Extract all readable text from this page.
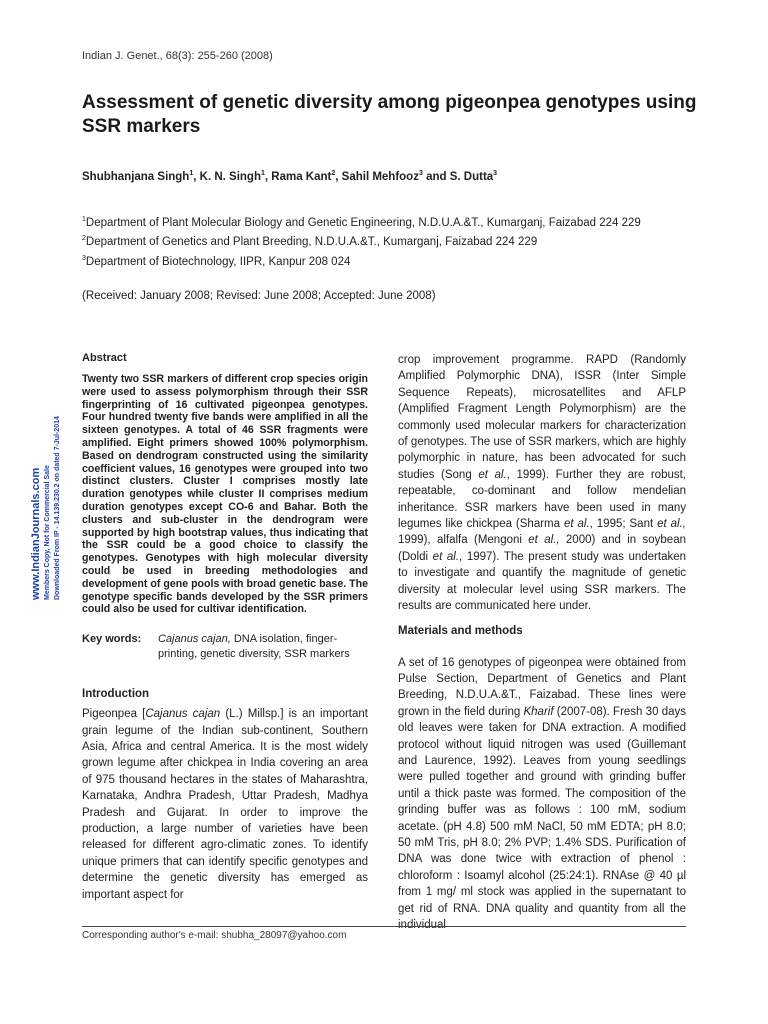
Indian J. Genet., 68(3): 255-260 (2008)
Assessment of genetic diversity among pigeonpea genotypes using SSR markers
Shubhanjana Singh$^1$, K. N. Singh$^1$, Rama Kant$^2$, Sahil Mehfooz$^3$ and S. Dutta$^3$
$^1$Department of Plant Molecular Biology and Genetic Engineering, N.D.U.A.&T., Kumarganj, Faizabad 224 229
$^2$Department of Genetics and Plant Breeding, N.D.U.A.&T., Kumarganj, Faizabad 224 229
$^3$Department of Biotechnology, IIPR, Kanpur 208 024
(Received: January 2008; Revised: June 2008; Accepted: June 2008)
www.IndianJournals.com Members Copy, Not for Commercial Sale Downloaded From IP - 14.139.230.2 on dated 7-Jul-2014
Abstract

Twenty two SSR markers of different crop species origin were used to assess polymorphism through their SSR fingerprinting of 16 cultivated pigeonpea genotypes. Four hundred twenty five bands were amplified in all the sixteen genotypes. A total of 46 SSR fragments were amplified. Eight primers showed 100% polymorphism. Based on dendrogram constructed using the similarity coefficient values, 16 genotypes were grouped into two distinct clusters. Cluster I comprises mostly late duration genotypes while cluster II comprises medium duration genotypes except CO-6 and Bahar. Both the clusters and sub-cluster in the dendrogram were supported by high bootstrap values, thus indicating that the SSR could be a good choice to classify the genotypes. Genotypes with high molecular diversity could be used in breeding methodologies and development of gene pools with broad genetic base. The genotype specific bands developed by the SSR primers could also be used for cultivar identification.

Key words:	Cajanus cajan, DNA isolation, finger-printing, genetic diversity, SSR markers
Introduction

Pigeonpea [Cajanus cajan (L.) Millsp.] is an important grain legume of the Indian sub-continent, Southern Asia, Africa and central America. It is the most widely grown legume after chickpea in India covering an area of 975 thousand hectares in the states of Maharashtra, Karnataka, Andhra Pradesh, Uttar Pradesh, Madhya Pradesh and Gujarat. In order to improve the production, a large number of varieties have been released for different agro-climatic zones. To identify unique primers that can identify specific genotypes and determine the genetic diversity has emerged as important aspect for

crop improvement programme. RAPD (Randomly Amplified Polymorphic DNA), ISSR (Inter Simple Sequence Repeats), microsatellites and AFLP (Amplified Fragment Length Polymorphism) are the commonly used molecular markers for characterization of genotypes. The use of SSR markers, which are highly polymorphic in nature, has been advocated for such studies (Song et al., 1999). Further they are robust, repeatable, co-dominant and follow mendelian inheritance. SSR markers have been used in many legumes like chickpea (Sharma et al., 1995; Sant et al., 1999), alfalfa (Mengoni et al., 2000) and in soybean (Doldi et al., 1997). The present study was undertaken to investigate and quantify the magnitude of genetic diversity at molecular level using SSR markers. The results are communicated here under.

Materials and methods

A set of 16 genotypes of pigeonpea were obtained from Pulse Section, Department of Genetics and Plant Breeding, N.D.U.A.&T., Faizabad. These lines were grown in the field during Kharif (2007-08). Fresh 30 days old leaves were taken for DNA extraction. A modified protocol without liquid nitrogen was used (Guillemant and Laurence, 1992). Leaves from young seedlings were pulled together and ground with grinding buffer until a thick paste was formed. The composition of the grinding buffer was as follows : 100 mM, sodium acetate. (pH 4.8) 500 mM NaCl, 50 mM EDTA; pH 8.0; 50 mM Tris, pH 8.0; 2% PVP; 1.4% SDS. Purification of DNA was done twice with extraction of phenol : chloroform : Isoamyl alcohol (25:24:1). RNAse @ 40 µl from 1 mg/ ml stock was applied in the supernatant to get rid of RNA. DNA quality and quantity from all the individual

Corresponding author's e-mail: shubha_28097@yahoo.com
